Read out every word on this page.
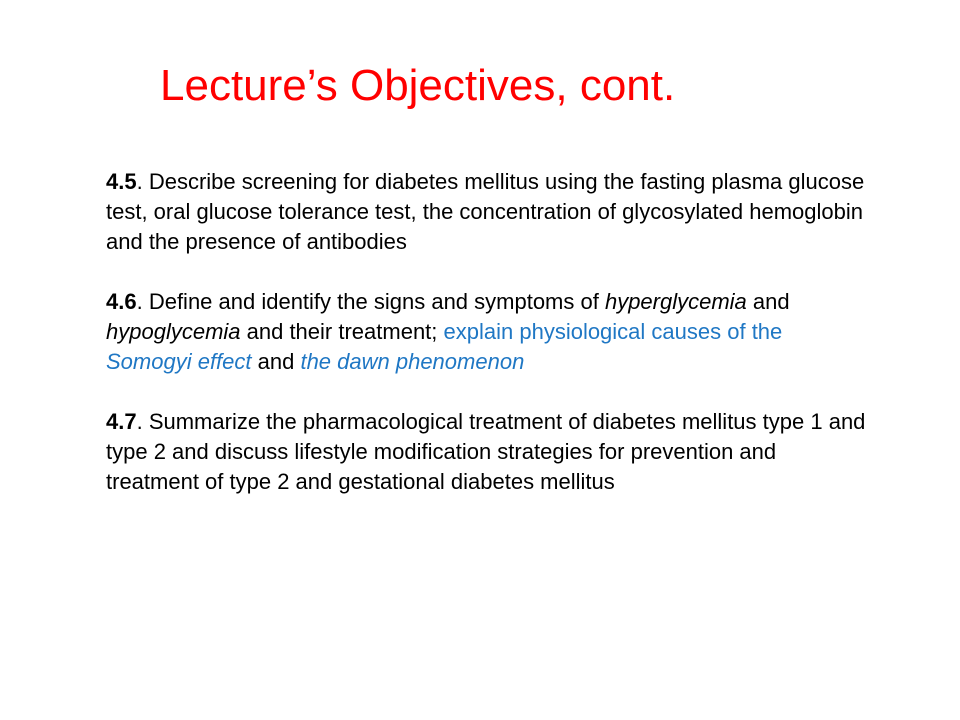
Lecture’s Objectives, cont.

4.5. Describe screening for diabetes mellitus using the fasting plasma glucose test, oral glucose tolerance test, the concentration of glycosylated hemoglobin and the presence of antibodies

4.6. Define and identify the signs and symptoms of hyperglycemia and hypoglycemia and their treatment; explain physiological causes of the Somogyi effect and the dawn phenomenon

4.7. Summarize the pharmacological treatment of diabetes mellitus type 1 and type 2 and discuss lifestyle modification strategies for prevention and treatment of type 2 and gestational diabetes mellitus
